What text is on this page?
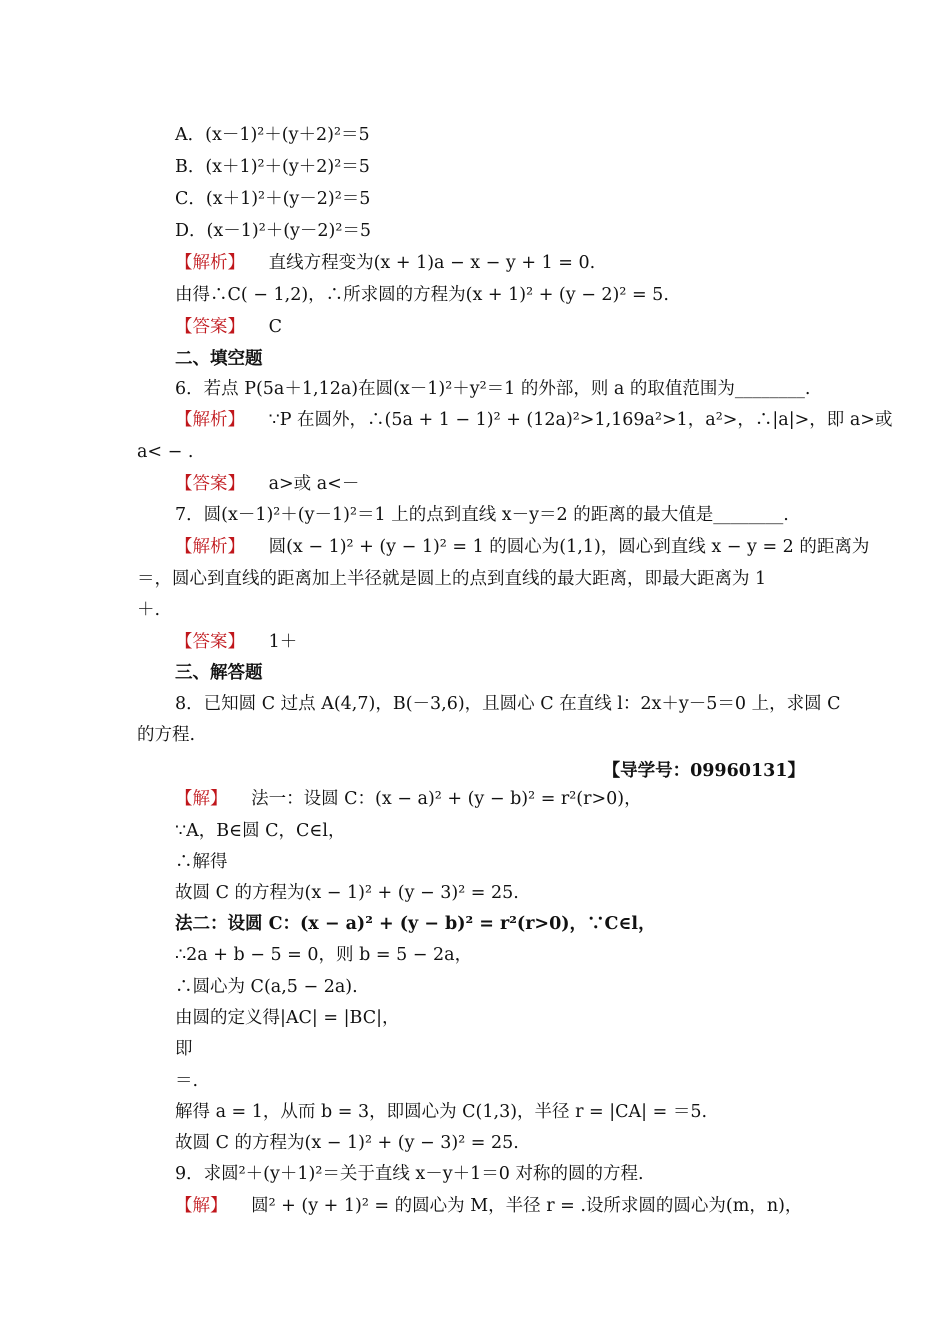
A．(x－1)²＋(y＋2)²＝5
B．(x＋1)²＋(y＋2)²＝5
C．(x＋1)²＋(y－2)²＝5
D．(x－1)²＋(y－2)²＝5
【解析】 直线方程变为(x + 1)a − x − y + 1 = 0.
由得∴C( − 1,2)，∴所求圆的方程为(x + 1)² + (y − 2)² = 5.
【答案】 C
二、填空题
6．若点 P(5a＋1,12a)在圆(x－1)²＋y²＝1 的外部，则 a 的取值范围为________.
【解析】 ∵P 在圆外，∴(5a + 1 − 1)² + (12a)²>1,169a²>1，a²>，∴|a|>，即 a>或
a< − .
【答案】 a>或 a<－
7．圆(x－1)²＋(y－1)²＝1 上的点到直线 x－y＝2 的距离的最大值是________.
【解析】 圆(x − 1)² + (y − 1)² = 1 的圆心为(1,1)，圆心到直线 x − y = 2 的距离为
＝，圆心到直线的距离加上半径就是圆上的点到直线的最大距离，即最大距离为 1
＋.
【答案】 1＋
三、解答题
8．已知圆 C 过点 A(4,7)，B(－3,6)，且圆心 C 在直线 l：2x＋y－5＝0 上，求圆 C
的方程.
【导学号：09960131】
【解】 法一：设圆 C：(x − a)² + (y − b)² = r²(r>0)，
∵A，B∈圆 C，C∈l，
∴解得
故圆 C 的方程为(x − 1)² + (y − 3)² = 25.
法二：设圆 C：(x − a)² + (y − b)² = r²(r>0)，∵C∈l，
∴2a + b − 5 = 0，则 b = 5 − 2a，
∴圆心为 C(a,5 − 2a).
由圆的定义得|AC| = |BC|，
即
＝.
解得 a = 1，从而 b = 3，即圆心为 C(1,3)，半径 r = |CA| = ＝5.
故圆 C 的方程为(x − 1)² + (y − 3)² = 25.
9．求圆²＋(y＋1)²＝关于直线 x－y＋1＝0 对称的圆的方程.
【解】 圆² + (y + 1)² = 的圆心为 M，半径 r = .设所求圆的圆心为(m，n)，
